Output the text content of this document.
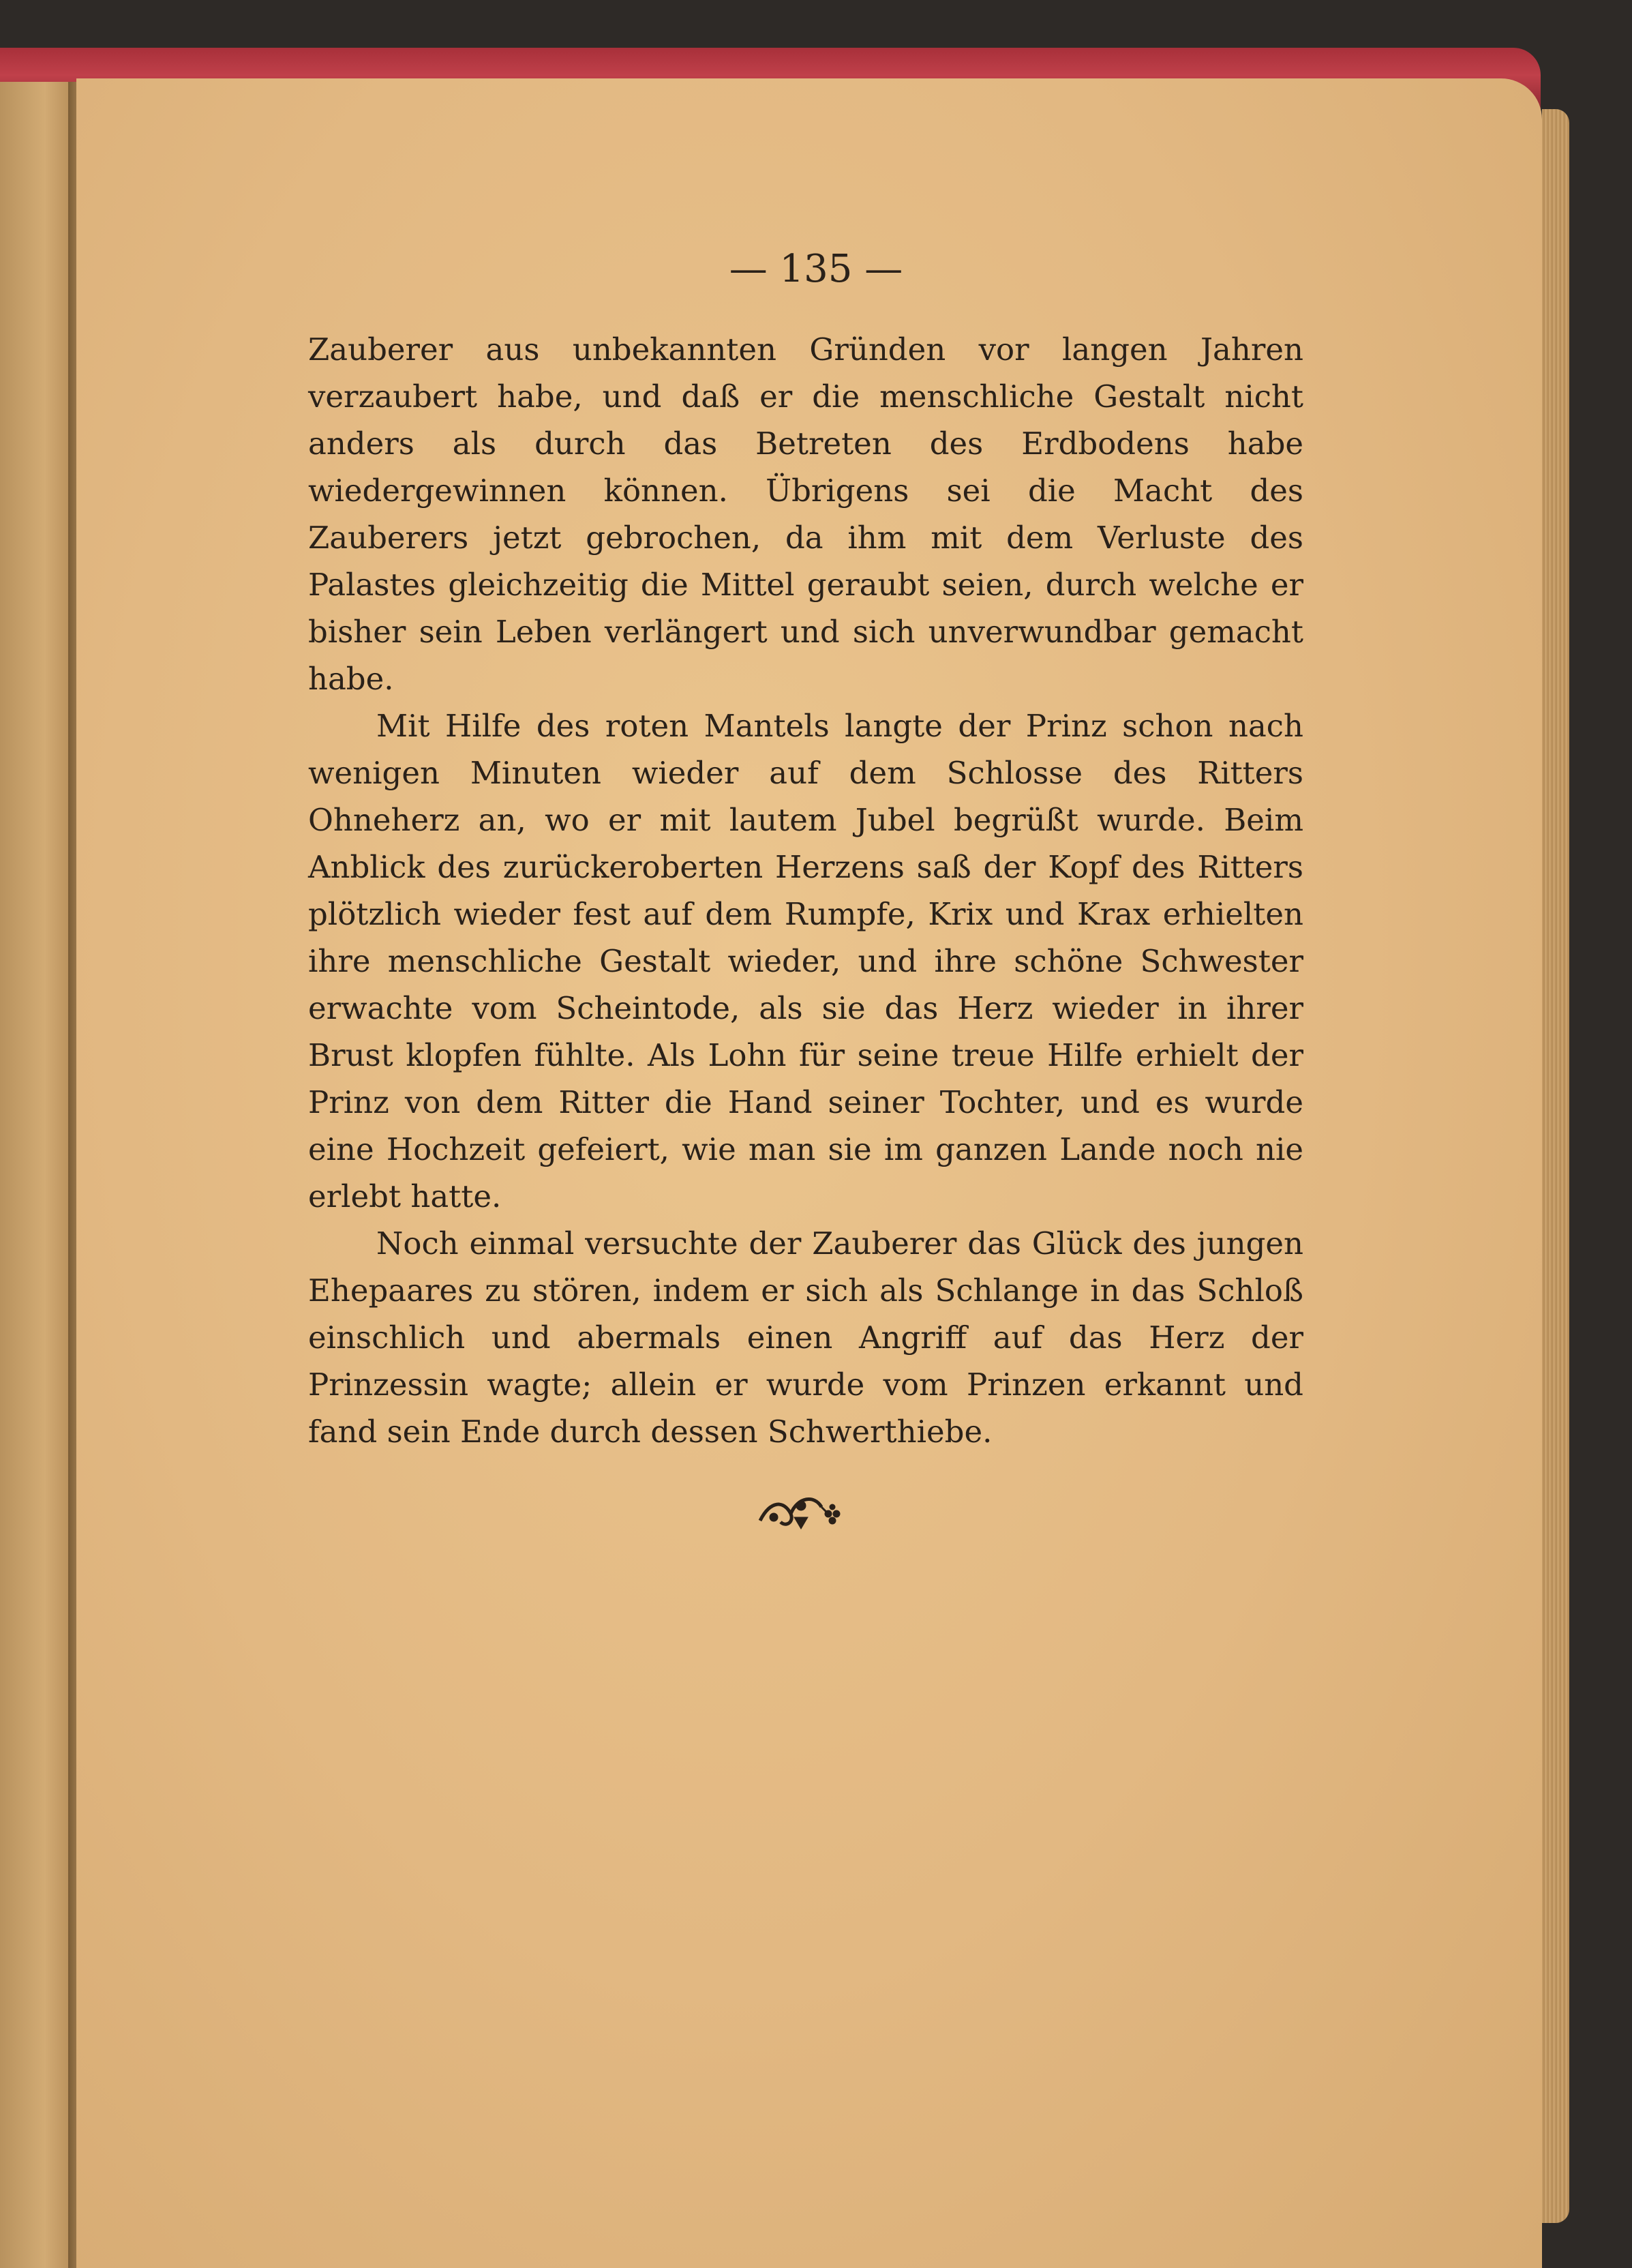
— 135 —

Zauberer aus unbekannten Gründen vor langen Jahren verzaubert habe, und daß er die menschliche Gestalt nicht anders als durch das Betreten des Erdbodens habe wiedergewinnen können. Übrigens sei die Macht des Zauberers jetzt gebrochen, da ihm mit dem Verluste des Palastes gleichzeitig die Mittel geraubt seien, durch welche er bisher sein Leben verlängert und sich unverwundbar gemacht habe.

Mit Hilfe des roten Mantels langte der Prinz schon nach wenigen Minuten wieder auf dem Schlosse des Ritters Ohneherz an, wo er mit lautem Jubel begrüßt wurde. Beim Anblick des zurückeroberten Herzens saß der Kopf des Ritters plötzlich wieder fest auf dem Rumpfe, Krix und Krax erhielten ihre menschliche Gestalt wieder, und ihre schöne Schwester erwachte vom Scheintode, als sie das Herz wieder in ihrer Brust klopfen fühlte. Als Lohn für seine treue Hilfe erhielt der Prinz von dem Ritter die Hand seiner Tochter, und es wurde eine Hochzeit gefeiert, wie man sie im ganzen Lande noch nie erlebt hatte.

Noch einmal versuchte der Zauberer das Glück des jungen Ehepaares zu stören, indem er sich als Schlange in das Schloß einschlich und abermals einen Angriff auf das Herz der Prinzessin wagte; allein er wurde vom Prinzen erkannt und fand sein Ende durch dessen Schwerthiebe.
